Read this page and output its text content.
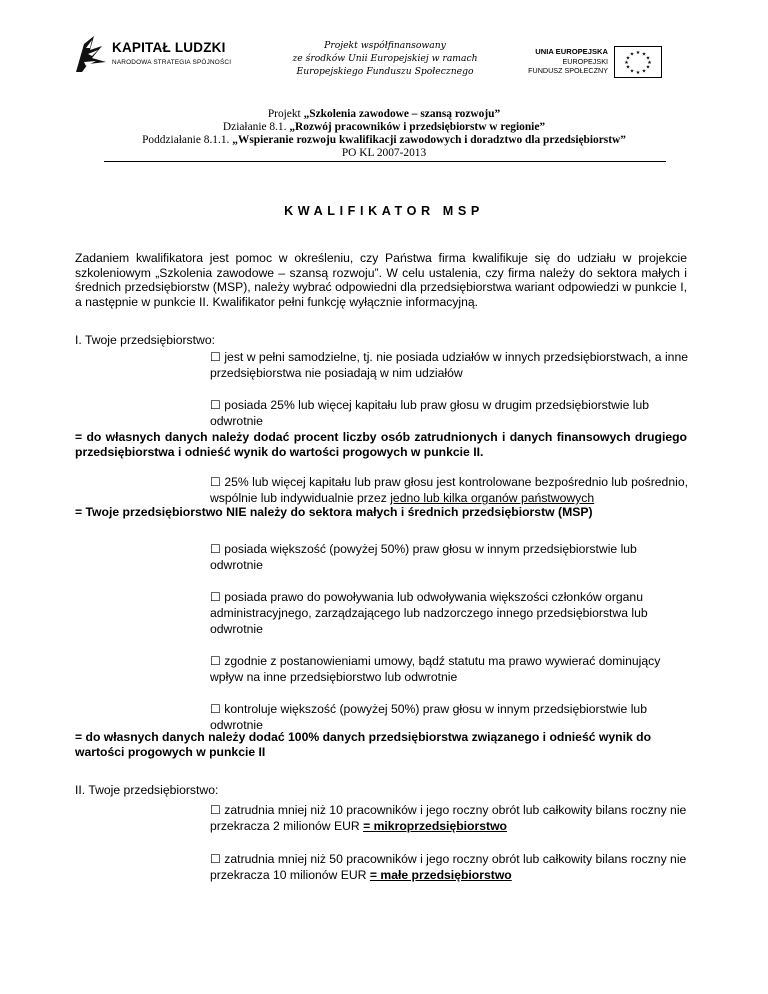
KAPITAŁ LUDZKI
NARODOWA STRATEGIA SPÓJNOŚCI
Projekt współfinansowany
ze środków Unii Europejskiej w ramach
Europejskiego Funduszu Społecznego
UNIA EUROPEJSKA
EUROPEJSKI
FUNDUSZ SPOŁECZNY
★ ★
★
★
★
★
★
★
★
★
★
★
Projekt „Szkolenia zawodowe – szansą rozwoju”
Działanie 8.1. „Rozwój pracowników i przedsiębiorstw w regionie”
Poddziałanie 8.1.1. „Wspieranie rozwoju kwalifikacji zawodowych i doradztwo dla przedsiębiorstw”
PO KL 2007-2013
KWALIFIKATOR MSP
Zadaniem kwalifikatora jest pomoc w określeniu, czy Państwa firma kwalifikuje się do udziału w projekcie szkoleniowym „Szkolenia zawodowe – szansą rozwoju”. W celu ustalenia, czy firma należy do sektora małych i średnich przedsiębiorstw (MSP), należy wybrać odpowiedni dla przedsiębiorstwa wariant odpowiedzi w punkcie I, a następnie w punkcie II. Kwalifikator pełni funkcję wyłącznie informacyjną.
I. Twoje przedsiębiorstwo:
☐ jest w pełni samodzielne, tj. nie posiada udziałów w innych przedsiębiorstwach, a inne przedsiębiorstwa nie posiadają w nim udziałów
☐ posiada 25% lub więcej kapitału lub praw głosu w drugim przedsiębiorstwie lub odwrotnie
= do własnych danych należy dodać procent liczby osób zatrudnionych i danych finansowych drugiego przedsiębiorstwa i odnieść wynik do wartości progowych w punkcie II.
☐ 25% lub więcej kapitału lub praw głosu jest kontrolowane bezpośrednio lub pośrednio, wspólnie lub indywidualnie przez jedno lub kilka organów państwowych
= Twoje przedsiębiorstwo NIE należy do sektora małych i średnich przedsiębiorstw (MSP)
☐ posiada większość (powyżej 50%) praw głosu w innym przedsiębiorstwie lub odwrotnie
☐ posiada prawo do powoływania lub odwoływania większości członków organu administracyjnego, zarządzającego lub nadzorczego innego przedsiębiorstwa lub odwrotnie
☐ zgodnie z postanowieniami umowy, bądź statutu ma prawo wywierać dominujący wpływ na inne przedsiębiorstwo lub odwrotnie
☐ kontroluje większość (powyżej 50%) praw głosu w innym przedsiębiorstwie lub odwrotnie
= do własnych danych należy dodać 100% danych przedsiębiorstwa związanego i odnieść wynik do wartości progowych w punkcie II
II. Twoje przedsiębiorstwo:
☐ zatrudnia mniej niż 10 pracowników i jego roczny obrót lub całkowity bilans roczny nie przekracza 2 milionów EUR = mikroprzedsiębiorstwo
☐ zatrudnia mniej niż 50 pracowników i jego roczny obrót lub całkowity bilans roczny nie przekracza 10 milionów EUR = małe przedsiębiorstwo
